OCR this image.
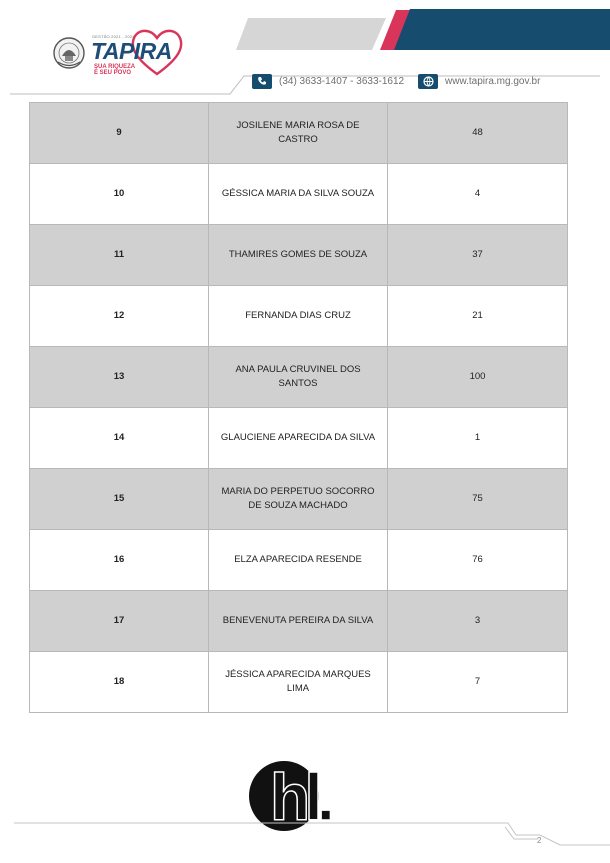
GESTÃO 2021 - 2024
TAPIRA
SUA RIQUEZA
É SEU POVO
(34) 3633-1407 - 3633-1612	www.tapira.mg.gov.br
9	JOSILENE MARIA ROSA DE CASTRO	48
10	GÉSSICA MARIA DA SILVA SOUZA	4
11	THAMIRES GOMES DE SOUZA	37
12	FERNANDA DIAS CRUZ	21
13	ANA PAULA CRUVINEL DOS SANTOS	100
14	GLAUCIENE APARECIDA DA SILVA	1
15	MARIA DO PERPETUO SOCORRO DE SOUZA MACHADO	75
16	ELZA APARECIDA RESENDE	76
17	BENEVENUTA PEREIRA DA SILVA	3
18	JÉSSICA APARECIDA MARQUES LIMA	7
hl.
2
